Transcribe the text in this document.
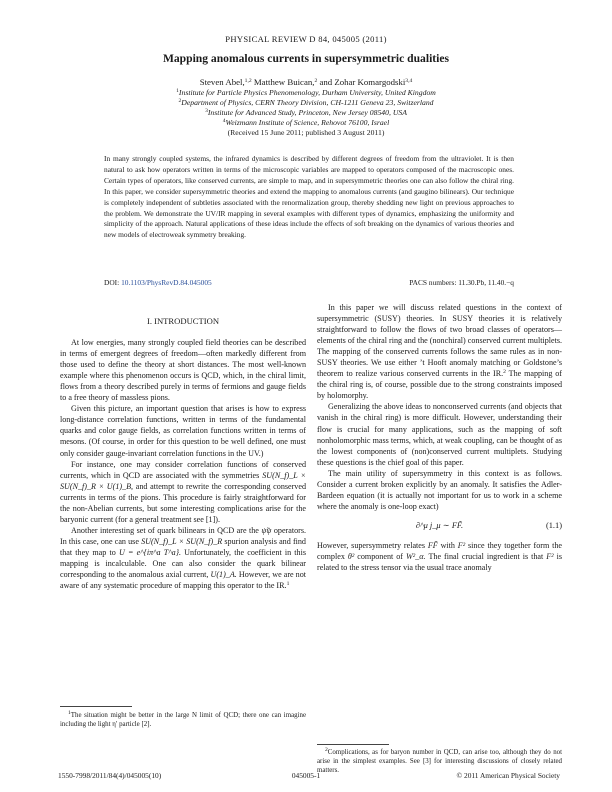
PHYSICAL REVIEW D 84, 045005 (2011)
Mapping anomalous currents in supersymmetric dualities
Steven Abel,$^{1,2}$ Matthew Buican,$^2$ and Zohar Komargodski$^{3,4}$
$^1$Institute for Particle Physics Phenomenology, Durham University, United Kingdom
$^2$Department of Physics, CERN Theory Division, CH-1211 Geneva 23, Switzerland
$^3$Institute for Advanced Study, Princeton, New Jersey 08540, USA
$^4$Weizmann Institute of Science, Rehovot 76100, Israel
(Received 15 June 2011; published 3 August 2011)
In many strongly coupled systems, the infrared dynamics is described by different degrees of freedom from the ultraviolet. It is then natural to ask how operators written in terms of the microscopic variables are mapped to operators composed of the macroscopic ones. Certain types of operators, like conserved currents, are simple to map, and in supersymmetric theories one can also follow the chiral ring. In this paper, we consider supersymmetric theories and extend the mapping to anomalous currents (and gaugino bilinears). Our technique is completely independent of subtleties associated with the renormalization group, thereby shedding new light on previous approaches to the problem. We demonstrate the UV/IR mapping in several examples with different types of dynamics, emphasizing the uniformity and simplicity of the approach. Natural applications of these ideas include the effects of soft breaking on the dynamics of various theories and new models of electroweak symmetry breaking.
DOI: 10.1103/PhysRevD.84.045005	PACS numbers: 11.30.Pb, 11.40.−q
I. INTRODUCTION

At low energies, many strongly coupled field theories can be described in terms of emergent degrees of freedom—often markedly different from those used to define the theory at short distances. The most well-known example where this phenomenon occurs is QCD, which, in the chiral limit, flows from a theory described purely in terms of fermions and gauge fields to a free theory of massless pions.

Given this picture, an important question that arises is how to express long-distance correlation functions, written in terms of the fundamental quarks and color gauge fields, as correlation functions written in terms of mesons. (Of course, in order for this question to be well defined, one must only consider gauge-invariant correlation functions in the UV.)

For instance, one may consider correlation functions of conserved currents, which in QCD are associated with the symmetries SU(N_f)_L × SU(N_f)_R × U(1)_B, and attempt to rewrite the corresponding conserved currents in terms of the pions. This procedure is fairly straightforward for the non-Abelian currents, but some interesting complications arise for the baryonic current (for a general treatment see [1]).

Another interesting set of quark bilinears in QCD are the ψ̃ψ operators. In this case, one can use SU(N_f)_L × SU(N_f)_R spurion analysis and find that they map to U = e^{iπ^a T^a}. Unfortunately, the coefficient in this mapping is incalculable. One can also consider the quark bilinear corresponding to the anomalous axial current, U(1)_A. However, we are not aware of any systematic procedure of mapping this operator to the IR.$^1$

In this paper we will discuss related questions in the context of supersymmetric (SUSY) theories. In SUSY theories it is relatively straightforward to follow the flows of two broad classes of operators—elements of the chiral ring and the (nonchiral) conserved current multiplets. The mapping of the conserved currents follows the same rules as in non-SUSY theories. We use either ’t Hooft anomaly matching or Goldstone’s theorem to realize various conserved currents in the IR.$^2$ The mapping of the chiral ring is, of course, possible due to the strong constraints imposed by holomorphy.

Generalizing the above ideas to nonconserved currents (and objects that vanish in the chiral ring) is more difficult. However, understanding their flow is crucial for many applications, such as the mapping of soft nonholomorphic mass terms, which, at weak coupling, can be thought of as the lowest components of (non)conserved current multiplets. Studying these questions is the chief goal of this paper.

The main utility of supersymmetry in this context is as follows. Consider a current broken explicitly by an anomaly. It satisfies the Adler-Bardeen equation (it is actually not important for us to work in a scheme where the anomaly is one-loop exact)

∂^μ j_μ ∼ FF̃.	(1.1)

However, supersymmetry relates FF̃ with F² since they together form the complex θ² component of W²_α. The final crucial ingredient is that F² is related to the stress tensor via the usual trace anomaly

$^1$The situation might be better in the large N limit of QCD; there one can imagine including the light η′ particle [2].
$^2$Complications, as for baryon number in QCD, can arise too, although they do not arise in the simplest examples. See [3] for interesting discussions of closely related matters.
1550-7998/2011/84(4)/045005(10)	045005-1	© 2011 American Physical Society
